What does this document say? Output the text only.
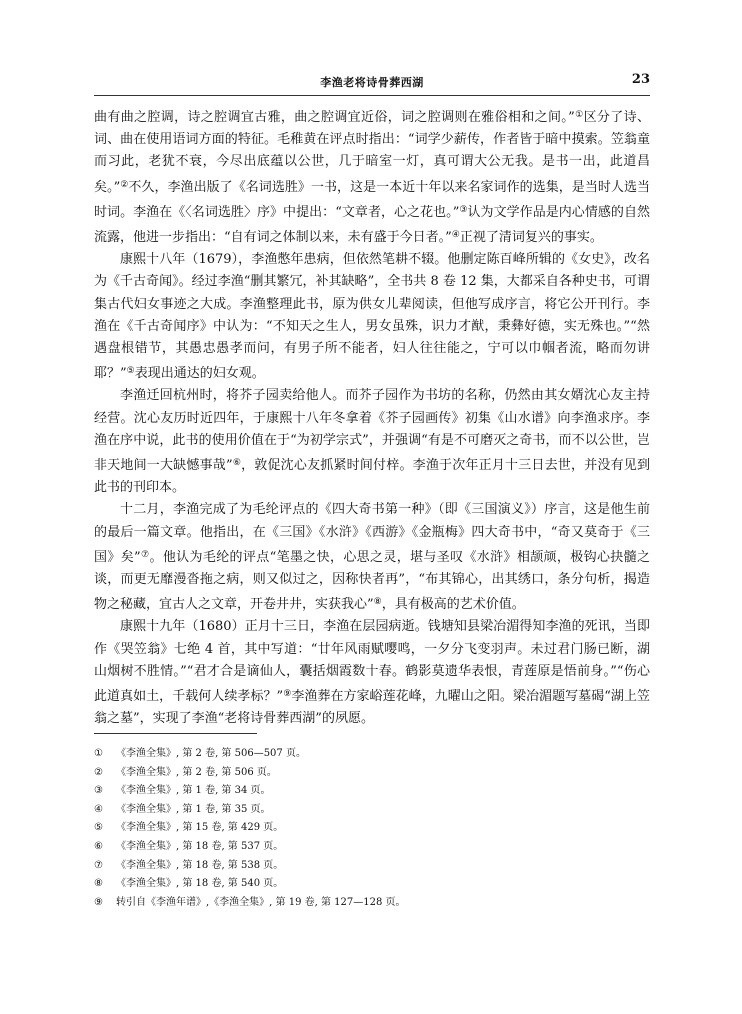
李渔老将诗骨葬西湖	23

曲有曲之腔调，诗之腔调宜古雅，曲之腔调宜近俗，词之腔调则在雅俗相和之间。”①区分了诗、词、曲在使用语词方面的特征。毛稚黄在评点时指出：“词学少薪传，作者皆于暗中摸索。笠翁童而习此，老犹不衰，今尽出底蕴以公世，几于暗室一灯，真可谓大公无我。是书一出，此道昌矣。”②不久，李渔出版了《名词选胜》一书，这是一本近十年以来名家词作的选集，是当时人选当时词。李渔在《〈名词选胜〉序》中提出：“文章者，心之花也。”③认为文学作品是内心情感的自然流露，他进一步指出：“自有词之体制以来，未有盛于今日者。”④正视了清词复兴的事实。

康熙十八年（1679），李渔憋年患病，但依然笔耕不辍。他删定陈百峰所辑的《女史》，改名为《千古奇闻》。经过李渔“删其繁冗，补其缺略”，全书共 8 卷 12 集，大都采自各种史书，可谓集古代妇女事迹之大成。李渔整理此书，原为供女儿辈阅读，但他写成序言，将它公开刊行。李渔在《千古奇闻序》中认为：“不知天之生人，男女虽殊，识力才猷，秉彝好德，实无殊也。”“然遇盘根错节，其愚忠愚孝而问，有男子所不能者，妇人往往能之，宁可以巾帼者流，略而勿讲耶？”⑤表现出通达的妇女观。

李渔迁回杭州时，将芥子园卖给他人。而芥子园作为书坊的名称，仍然由其女婿沈心友主持经营。沈心友历时近四年，于康熙十八年冬拿着《芥子园画传》初集《山水谱》向李渔求序。李渔在序中说，此书的使用价值在于“为初学宗式”，并强调“有是不可磨灭之奇书，而不以公世，岂非天地间一大缺憾事哉”⑥，敦促沈心友抓紧时间付梓。李渔于次年正月十三日去世，并没有见到此书的刊印本。

十二月，李渔完成了为毛纶评点的《四大奇书第一种》（即《三国演义》）序言，这是他生前的最后一篇文章。他指出，在《三国》《水浒》《西游》《金瓶梅》四大奇书中，“奇又莫奇于《三国》矣”⑦。他认为毛纶的评点“笔墨之快，心思之灵，堪与圣叹《水浒》相颉颃，极钩心抉髓之谈，而更无靡漫沓拖之病，则又似过之，因称快者再”，“布其锦心，出其绣口，条分句析，揭造物之秘藏，宜古人之文章，开卷井井，实获我心”⑧，具有极高的艺术价值。

康熙十九年（1680）正月十三日，李渔在层园病逝。钱塘知县梁冶湄得知李渔的死讯，当即作《哭笠翁》七绝 4 首，其中写道：“廿年风雨赋嘤鸣，一夕分飞变羽声。未过君门肠已断，湖山烟树不胜情。”“君才合是谪仙人，囊括烟霞数十春。鹤影莫遗华表恨，青莲原是悟前身。”“伤心此道真如土，千载何人续孝标？”⑨李渔葬在方家峪莲花峰，九曜山之阳。梁冶湄题写墓碣“湖上笠翁之墓”，实现了李渔“老将诗骨葬西湖”的夙愿。

① 《李渔全集》, 第 2 卷, 第 506—507 页。
② 《李渔全集》, 第 2 卷, 第 506 页。
③ 《李渔全集》, 第 1 卷, 第 34 页。
④ 《李渔全集》, 第 1 卷, 第 35 页。
⑤ 《李渔全集》, 第 15 卷, 第 429 页。
⑥ 《李渔全集》, 第 18 卷, 第 537 页。
⑦ 《李渔全集》, 第 18 卷, 第 538 页。
⑧ 《李渔全集》, 第 18 卷, 第 540 页。
⑨ 转引自《李渔年谱》,《李渔全集》, 第 19 卷, 第 127—128 页。
